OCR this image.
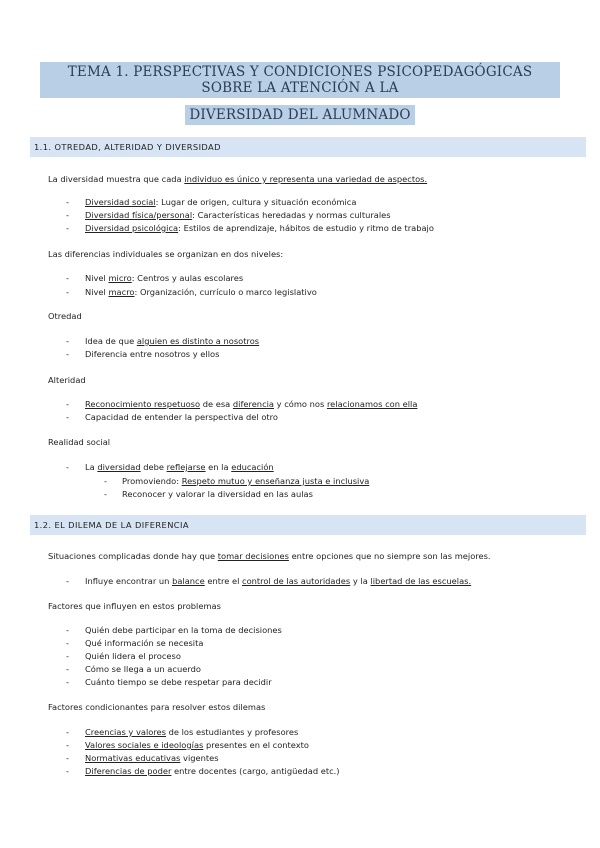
TEMA 1. PERSPECTIVAS Y CONDICIONES PSICOPEDAGÓGICAS SOBRE LA ATENCIÓN A LA
DIVERSIDAD DEL ALUMNADO
1.1. OTREDAD, ALTERIDAD Y DIVERSIDAD
La diversidad muestra que cada individuo es único y representa una variedad de aspectos.
- Diversidad social: Lugar de origen, cultura y situación económica
- Diversidad física/personal: Características heredadas y normas culturales
- Diversidad psicológica: Estilos de aprendizaje, hábitos de estudio y ritmo de trabajo
Las diferencias individuales se organizan en dos niveles:
- Nivel micro: Centros y aulas escolares
- Nivel macro: Organización, currículo o marco legislativo
Otredad
- Idea de que alguien es distinto a nosotros
- Diferencia entre nosotros y ellos
Alteridad
- Reconocimiento respetuoso de esa diferencia y cómo nos relacionamos con ella
- Capacidad de entender la perspectiva del otro
Realidad social
- La diversidad debe reflejarse en la educación
- Promoviendo: Respeto mutuo y enseñanza justa e inclusiva
- Reconocer y valorar la diversidad en las aulas
1.2. EL DILEMA DE LA DIFERENCIA
Situaciones complicadas donde hay que tomar decisiones entre opciones que no siempre son las mejores.
- Influye encontrar un balance entre el control de las autoridades y la libertad de las escuelas.
Factores que influyen en estos problemas
- Quién debe participar en la toma de decisiones
- Qué información se necesita
- Quién lidera el proceso
- Cómo se llega a un acuerdo
- Cuánto tiempo se debe respetar para decidir
Factores condicionantes para resolver estos dilemas
- Creencias y valores de los estudiantes y profesores
- Valores sociales e ideologías presentes en el contexto
- Normativas educativas vigentes
- Diferencias de poder entre docentes (cargo, antigüedad etc.)
